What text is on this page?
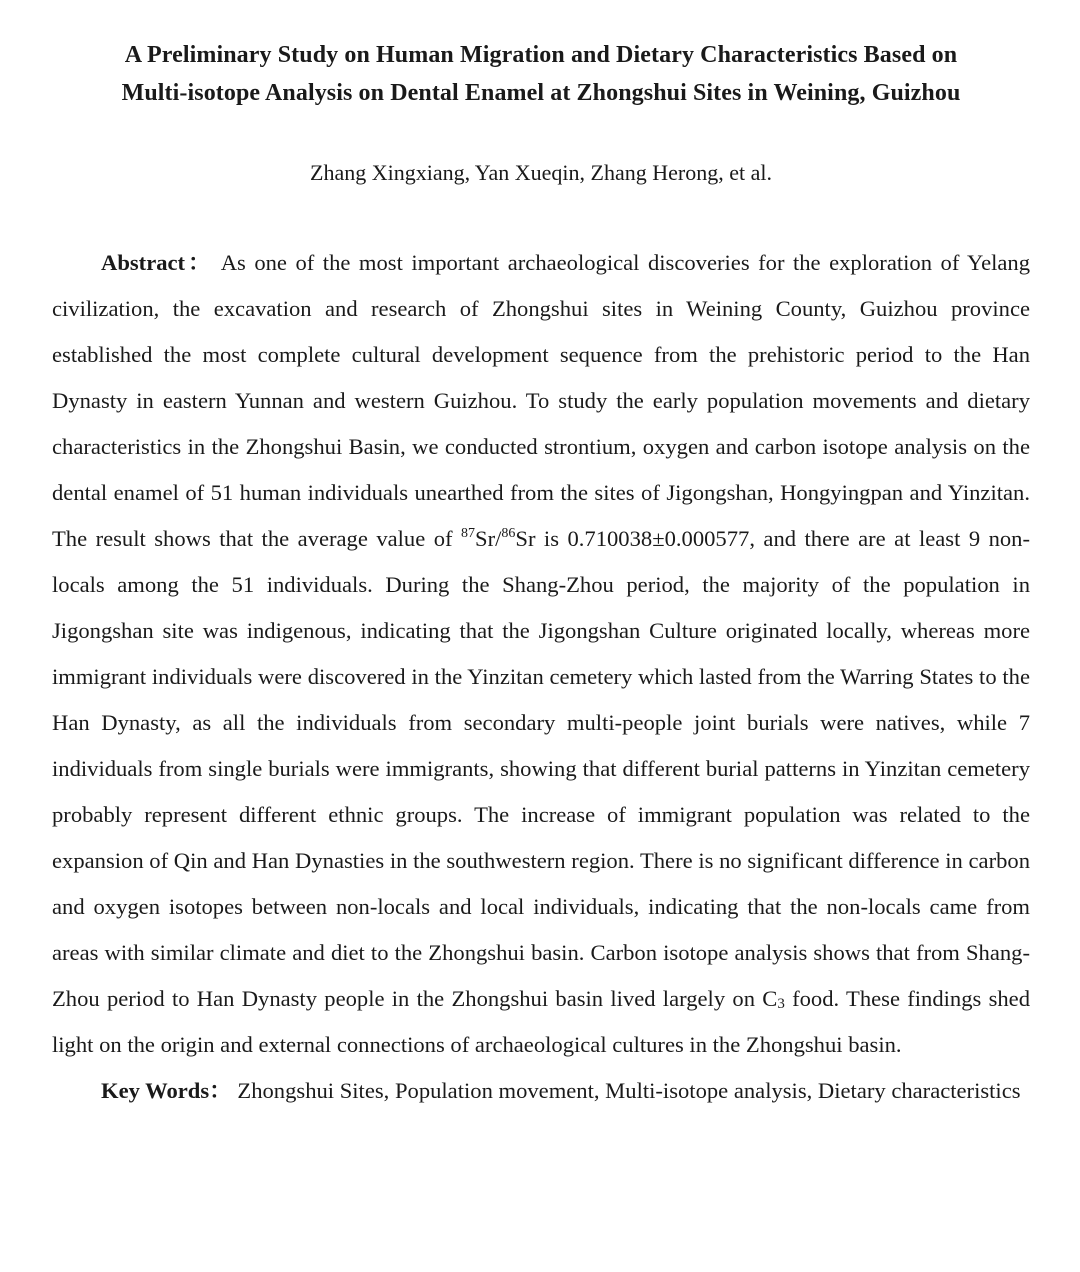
A Preliminary Study on Human Migration and Dietary Characteristics Based on
Multi-isotope Analysis on Dental Enamel at Zhongshui Sites in Weining, Guizhou

Zhang Xingxiang, Yan Xueqin, Zhang Herong, et al.

Abstract： As one of the most important archaeological discoveries for the exploration of Yelang civilization, the excavation and research of Zhongshui sites in Weining County, Guizhou province established the most complete cultural development sequence from the prehistoric period to the Han Dynasty in eastern Yunnan and western Guizhou. To study the early population movements and dietary characteristics in the Zhongshui Basin, we conducted strontium, oxygen and carbon isotope analysis on the dental enamel of 51 human individuals unearthed from the sites of Jigongshan, Hongyingpan and Yinzitan. The result shows that the average value of $^{87}$Sr/$^{86}$Sr is 0.710038±0.000577, and there are at least 9 non-locals among the 51 individuals. During the Shang-Zhou period, the majority of the population in Jigongshan site was indigenous, indicating that the Jigongshan Culture originated locally, whereas more immigrant individuals were discovered in the Yinzitan cemetery which lasted from the Warring States to the Han Dynasty, as all the individuals from secondary multi-people joint burials were natives, while 7 individuals from single burials were immigrants, showing that different burial patterns in Yinzitan cemetery probably represent different ethnic groups. The increase of immigrant population was related to the expansion of Qin and Han Dynasties in the southwestern region. There is no significant difference in carbon and oxygen isotopes between non-locals and local individuals, indicating that the non-locals came from areas with similar climate and diet to the Zhongshui basin. Carbon isotope analysis shows that from Shang-Zhou period to Han Dynasty people in the Zhongshui basin lived largely on $C_3$ food. These findings shed light on the origin and external connections of archaeological cultures in the Zhongshui basin.

Key Words： Zhongshui Sites, Population movement, Multi-isotope analysis, Dietary characteristics
